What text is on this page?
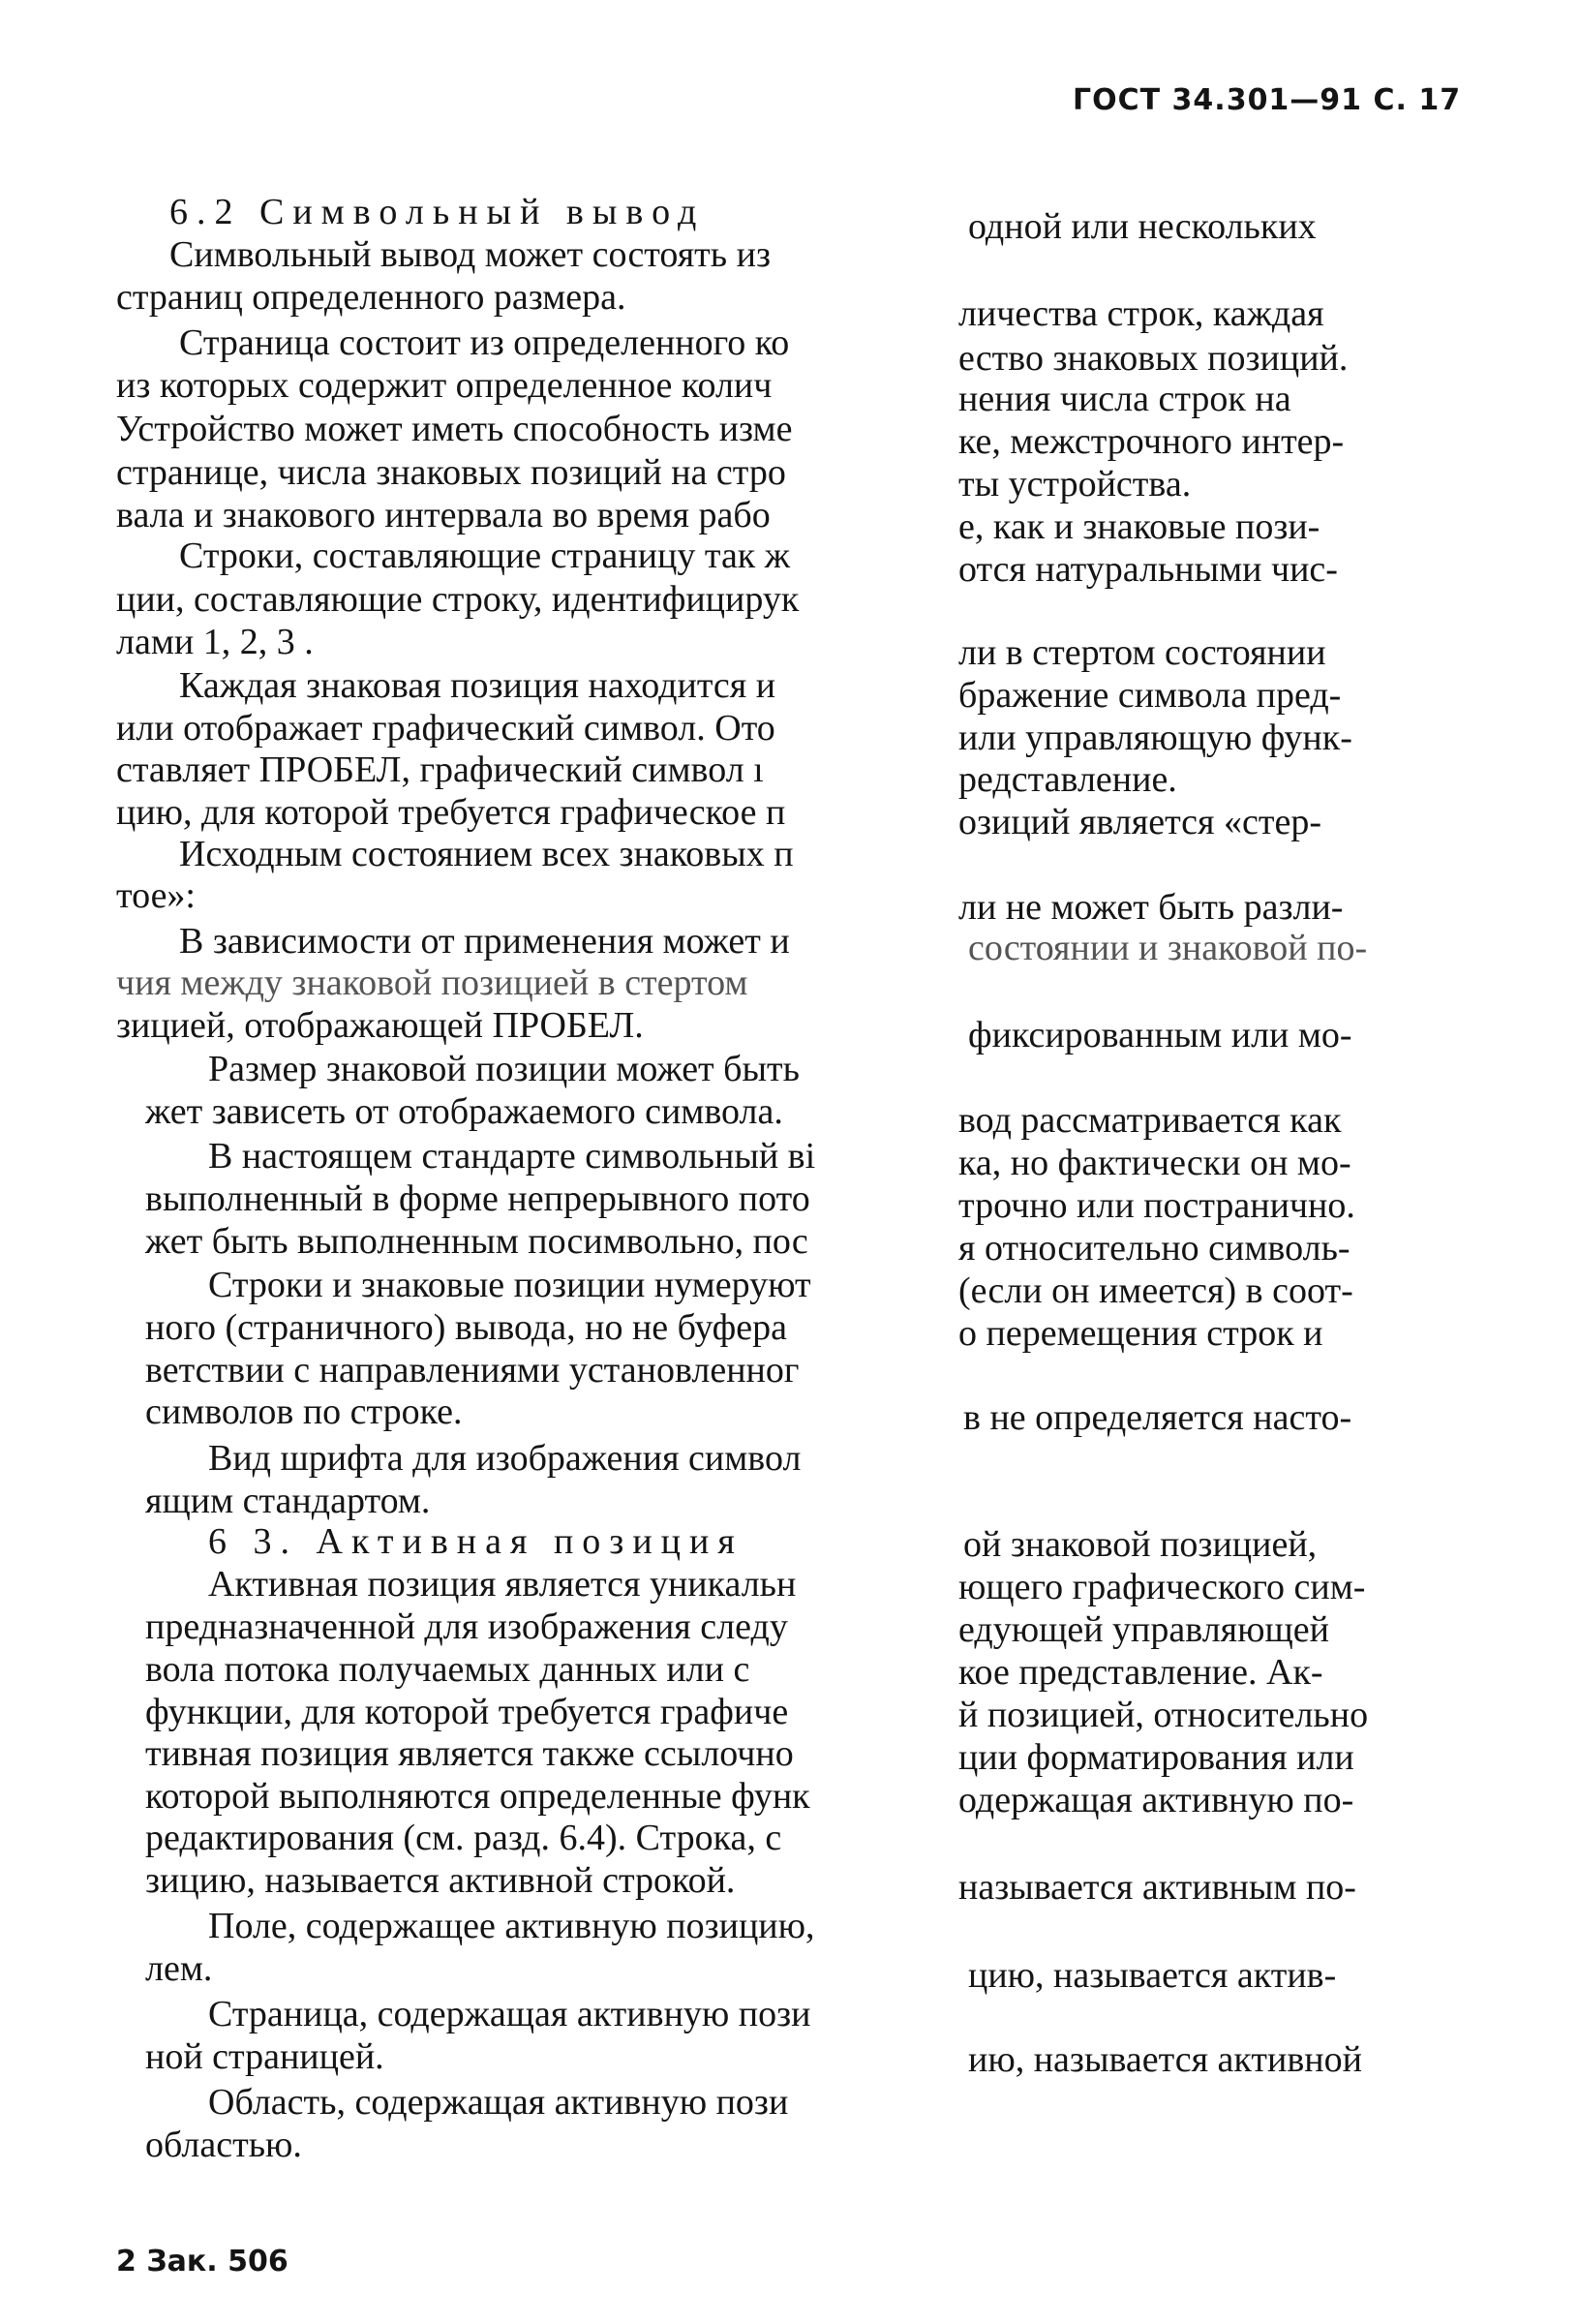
ГОСТ 34.301—91 С. 17
6.2 Символьный вывод
Символьный вывод может состоять из
страниц определенного размера.
Страница состоит из определенного ко
из которых содержит определенное колич
Устройство может иметь способность изме
странице, числа знаковых позиций на стро
вала и знакового интервала во время рабо
Строки, составляющие страницу так ж
ции, составляющие строку, идентифицирук
лами 1, 2, 3 .
Каждая знаковая позиция находится и
или отображает графический символ. Ото
ставляет ПРОБЕЛ, графический символ ı
цию, для которой требуется графическое п
Исходным состоянием всех знаковых п
тое»:
В зависимости от применения может и
чия между знаковой позицией в стертом
зицией, отображающей ПРОБЕЛ.
Размер знаковой позиции может быть
жет зависеть от отображаемого символа.
В настоящем стандарте символьный ві
выполненный в форме непрерывного пото
жет быть выполненным посимвольно, пос
Строки и знаковые позиции нумеруют
ного (страничного) вывода, но не буфера
ветствии с направлениями установленног
символов по строке.
Вид шрифта для изображения символ
ящим стандартом.
6 3. Активная позиция
Активная позиция является уникальн
предназначенной для изображения следу
вола потока получаемых данных или с
функции, для которой требуется графиче
тивная позиция является также ссылочно
которой выполняются определенные функ
редактирования (см. разд. 6.4). Строка, с
зицию, называется активной строкой.
Поле, содержащее активную позицию,
лем.
Страница, содержащая активную пози
ной страницей.
Область, содержащая активную пози
областью.
одной или нескольких
личества строк, каждая
ество знаковых позиций.
нения числа строк на
ке, межстрочного интер-
ты устройства.
е, как и знаковые пози-
отся натуральными чис-
ли в стертом состоянии
бражение символа пред-
или управляющую функ-
редставление.
озиций является «стер-
ли не может быть разли-
состоянии и знаковой по-
фиксированным или мо-
вод рассматривается как
ка, но фактически он мо-
трочно или постранично.
я относительно символь-
(если он имеется) в соот-
о перемещения строк и
в не определяется насто-
ой знаковой позицией,
ющего графического сим-
едующей управляющей
кое представление. Ак-
й позицией, относительно
ции форматирования или
одержащая активную по-
называется активным по-
цию, называется актив-
ию, называется активной
2 Зак. 506
